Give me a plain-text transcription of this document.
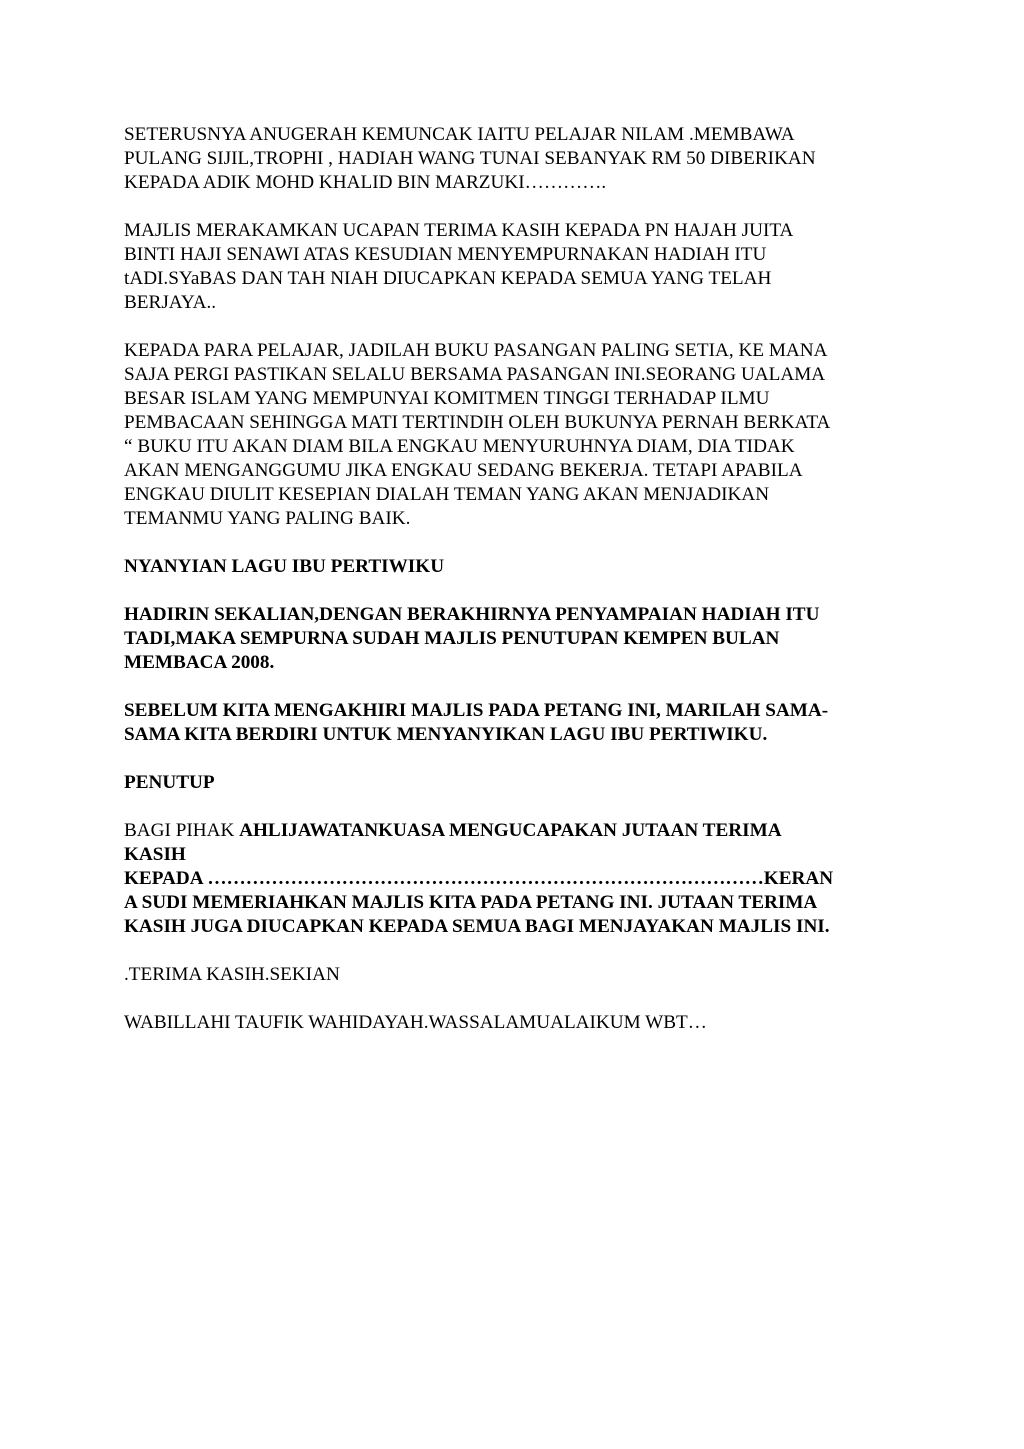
SETERUSNYA ANUGERAH KEMUNCAK IAITU PELAJAR NILAM .MEMBAWA
PULANG SIJIL,TROPHI , HADIAH WANG TUNAI SEBANYAK RM 50 DIBERIKAN
KEPADA ADIK MOHD KHALID BIN MARZUKI………….

MAJLIS MERAKAMKAN UCAPAN TERIMA KASIH KEPADA PN HAJAH JUITA
BINTI HAJI SENAWI ATAS KESUDIAN MENYEMPURNAKAN HADIAH ITU
tADI.SYaBAS DAN TAH NIAH DIUCAPKAN KEPADA SEMUA YANG TELAH
BERJAYA..

KEPADA PARA PELAJAR, JADILAH BUKU PASANGAN PALING SETIA, KE MANA
SAJA PERGI PASTIKAN SELALU BERSAMA PASANGAN INI.SEORANG UALAMA
BESAR ISLAM YANG MEMPUNYAI KOMITMEN TINGGI TERHADAP ILMU
PEMBACAAN SEHINGGA MATI TERTINDIH OLEH BUKUNYA PERNAH BERKATA
“ BUKU ITU AKAN DIAM BILA ENGKAU MENYURUHNYA DIAM, DIA TIDAK
AKAN MENGANGGUMU JIKA ENGKAU SEDANG BEKERJA. TETAPI APABILA
ENGKAU DIULIT KESEPIAN DIALAH TEMAN YANG AKAN MENJADIKAN
TEMANMU YANG PALING BAIK.

NYANYIAN LAGU IBU PERTIWIKU

HADIRIN SEKALIAN,DENGAN BERAKHIRNYA PENYAMPAIAN HADIAH ITU
TADI,MAKA SEMPURNA SUDAH MAJLIS PENUTUPAN KEMPEN BULAN
MEMBACA 2008.

SEBELUM KITA MENGAKHIRI MAJLIS PADA PETANG INI, MARILAH SAMA-
SAMA KITA BERDIRI UNTUK MENYANYIKAN LAGU IBU PERTIWIKU.

PENUTUP

BAGI PIHAK AHLIJAWATANKUASA MENGUCAPAKAN JUTAAN TERIMA
KASIH
KEPADA ……………………………………………………………………………KERAN
A SUDI MEMERIAHKAN MAJLIS KITA PADA PETANG INI. JUTAAN TERIMA
KASIH JUGA DIUCAPKAN KEPADA SEMUA BAGI MENJAYAKAN MAJLIS INI.

.TERIMA KASIH.SEKIAN

WABILLAHI TAUFIK WAHIDAYAH.WASSALAMUALAIKUM WBT…
